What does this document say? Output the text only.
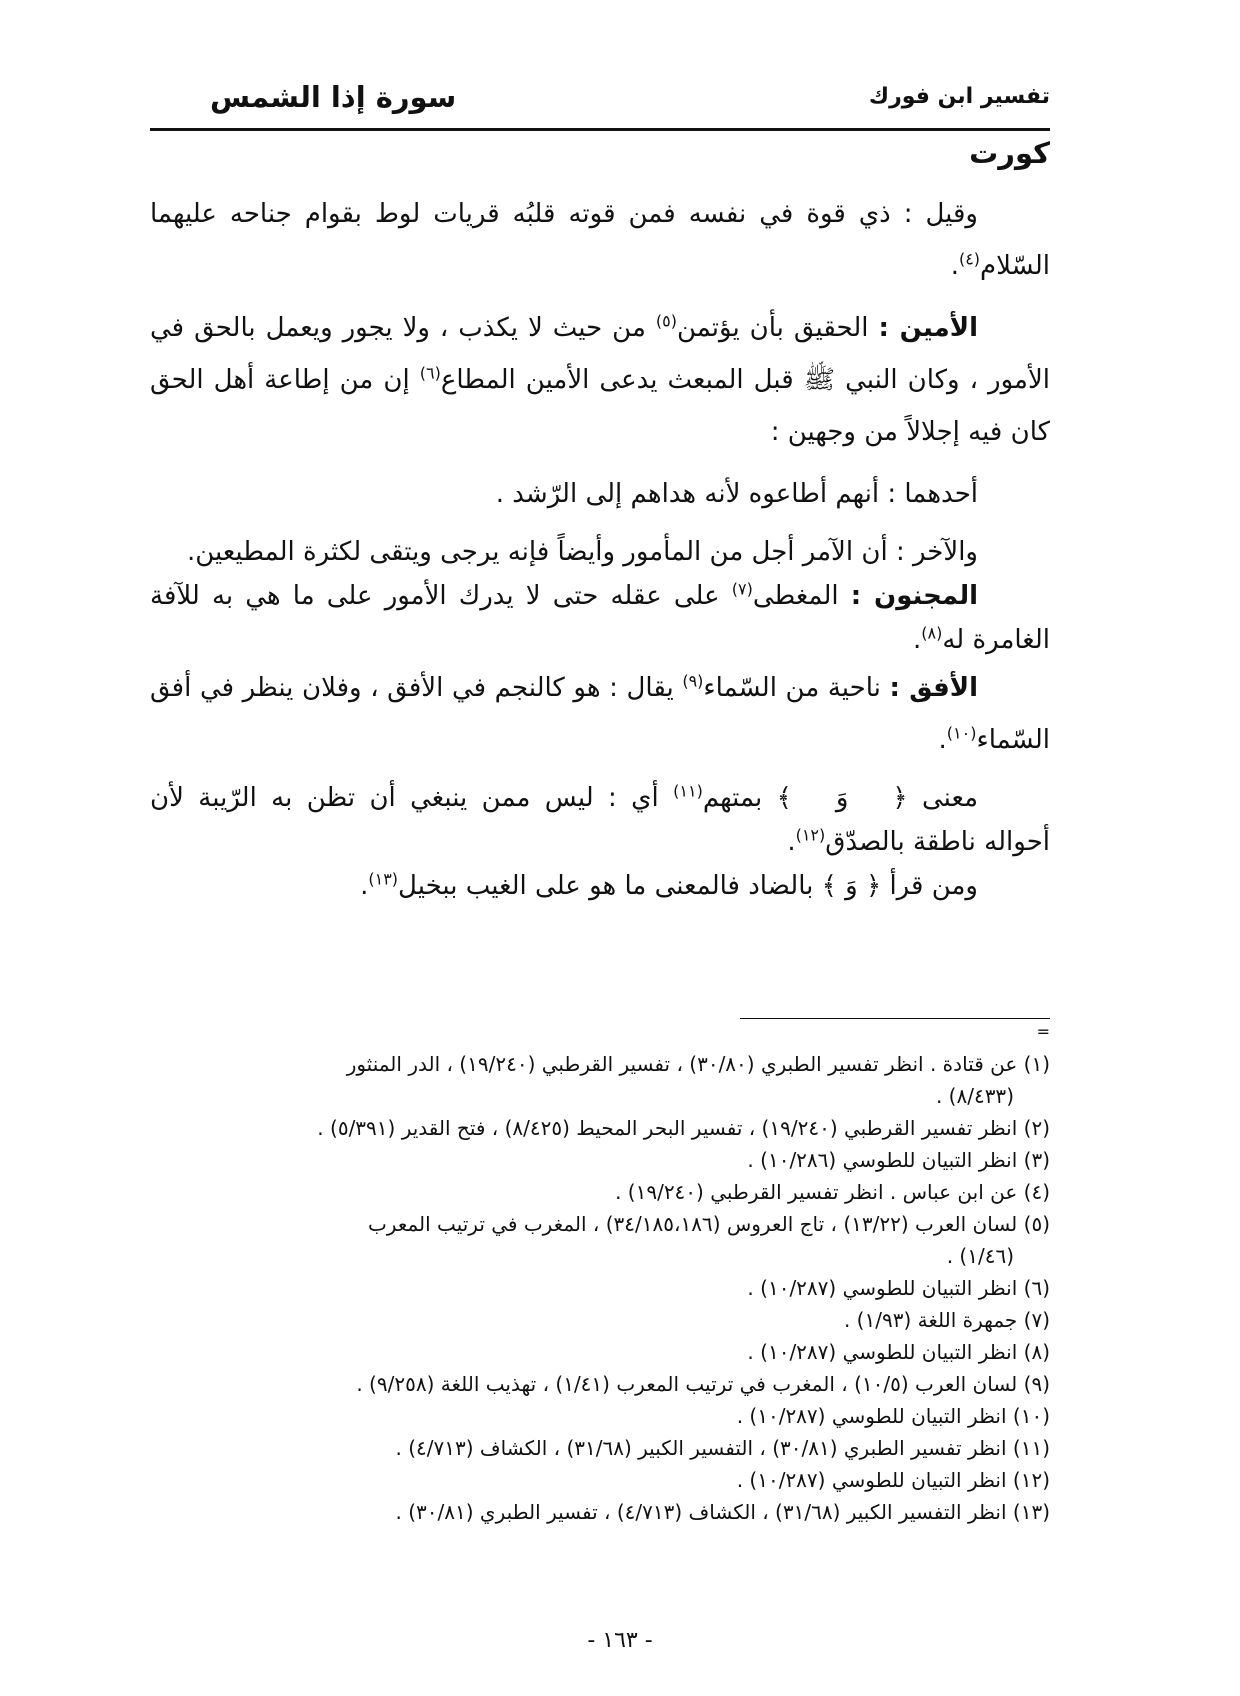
تفسير ابن فورك
سورة إذا الشمس
كورت

وقيل : ذي قوة في نفسه فمن قوته قلبُه قريات لوط بقوام جناحه عليهما السّلام$^{(٤)}$.

الأمين : الحقيق بأن يؤتمن$^{(٥)}$ من حيث لا يكذب ، ولا يجور ويعمل بالحق في الأمور ، وكان النبي ﷺ قبل المبعث يدعى الأمين المطاع$^{(٦)}$ إن من إطاعة أهل الحق كان فيه إجلالاً من وجهين :

أحدهما : أنهم أطاعوه لأنه هداهم إلى الرّشد .

والآخر : أن الآمر أجل من المأمور وأيضاً فإنه يرجى ويتقى لكثرة المطيعين.

المجنون : المغطى$^{(٧)}$ على عقله حتى لا يدرك الأمور على ما هي به للآفة الغامرة له$^{(٨)}$.

الأفق : ناحية من السّماء$^{(٩)}$ يقال : هو كالنجم في الأفق ، وفلان ينظر في أفق السّماء$^{(١٠)}$.

معنى ﴿وَ﴾ بمتهم$^{(١١)}$ أي : ليس ممن ينبغي أن تظن به الرّيبة لأن أحواله ناطقة بالصدّق$^{(١٢)}$.

ومن قرأ ﴿ وَ ﴾ بالضاد فالمعنى ما هو على الغيب ببخيل$^{(١٣)}$.

=

(١) عن قتادة . انظر تفسير الطبري (٣٠/٨٠) ، تفسير القرطبي (١٩/٢٤٠) ، الدر المنثور
(٨/٤٣٣) .

(٢) انظر تفسير القرطبي (١٩/٢٤٠) ، تفسير البحر المحيط (٨/٤٢٥) ، فتح القدير (٥/٣٩١) .

(٣) انظر التبيان للطوسي (١٠/٢٨٦) .

(٤) عن ابن عباس . انظر تفسير القرطبي (١٩/٢٤٠) .

(٥) لسان العرب (١٣/٢٢) ، تاج العروس (٣٤/١٨٥،١٨٦) ، المغرب في ترتيب المعرب
(١/٤٦) .

(٦) انظر التبيان للطوسي (١٠/٢٨٧) .

(٧) جمهرة اللغة (١/٩٣) .

(٨) انظر التبيان للطوسي (١٠/٢٨٧) .

(٩) لسان العرب (١٠/٥) ، المغرب في ترتيب المعرب (١/٤١) ، تهذيب اللغة (٩/٢٥٨) .

(١٠) انظر التبيان للطوسي (١٠/٢٨٧) .

(١١) انظر تفسير الطبري (٣٠/٨١) ، التفسير الكبير (٣١/٦٨) ، الكشاف (٤/٧١٣) .

(١٢) انظر التبيان للطوسي (١٠/٢٨٧) .

(١٣) انظر التفسير الكبير (٣١/٦٨) ، الكشاف (٤/٧١٣) ، تفسير الطبري (٣٠/٨١) .

- ١٦٣ -
